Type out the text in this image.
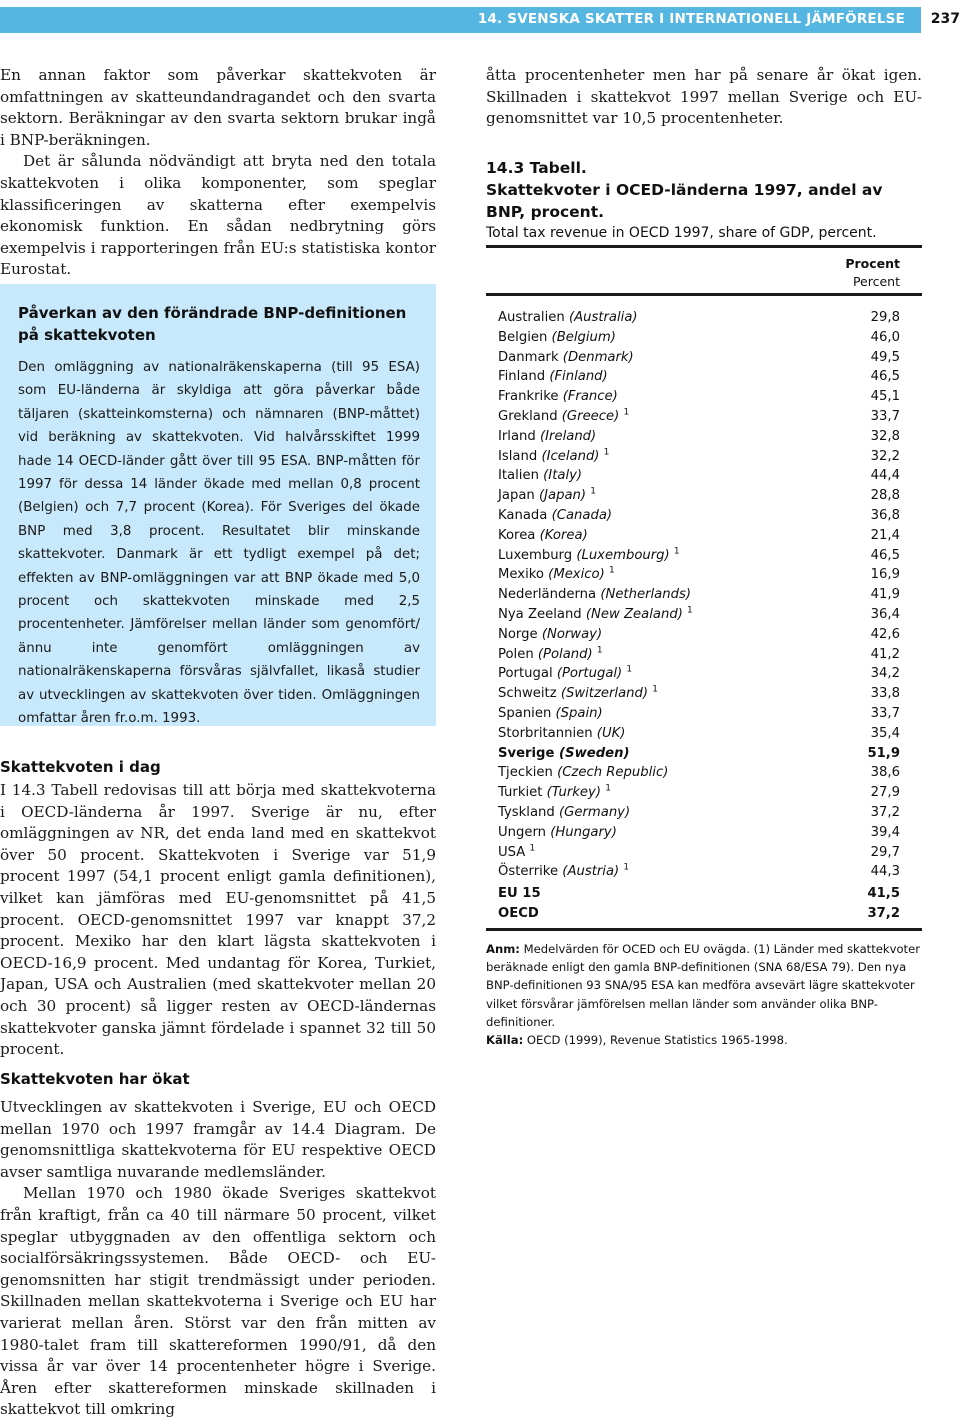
14. SVENSKA SKATTER I INTERNATIONELL JÄMFÖRELSE	237

En annan faktor som påverkar skattekvoten är omfattningen av skatteundandragandet och den svarta sektorn. Beräkningar av den svarta sektorn brukar ingå i BNP-beräkningen.

Det är sålunda nödvändigt att bryta ned den totala skattekvoten i olika komponenter, som speglar klassificeringen av skatterna efter exempelvis ekonomisk funktion. En sådan nedbrytning görs exempelvis i rapporteringen från EU:s statistiska kontor Eurostat.

Påverkan av den förändrade BNP-definitionen på skattekvoten

Den omläggning av nationalräkenskaperna (till 95 ESA) som EU-länderna är skyldiga att göra påverkar både täljaren (skatteinkomsterna) och nämnaren (BNP-måttet) vid beräkning av skattekvoten. Vid halvårsskiftet 1999 hade 14 OECD-länder gått över till 95 ESA. BNP-måtten för 1997 för dessa 14 länder ökade med mellan 0,8 procent (Belgien) och 7,7 procent (Korea). För Sveriges del ökade BNP med 3,8 procent. Resultatet blir minskande skattekvoter. Danmark är ett tydligt exempel på det; effekten av BNP-omläggningen var att BNP ökade med 5,0 procent och skattekvoten minskade med 2,5 procentenheter. Jämförelser mellan länder som genomfört/ännu inte genomfört omläggningen av nationalräkenskaperna försvåras självfallet, likaså studier av utvecklingen av skattekvoten över tiden. Omläggningen omfattar åren fr.o.m. 1993.

Skattekvoten i dag

I 14.3 Tabell redovisas till att börja med skattekvoterna i OECD-länderna år 1997. Sverige är nu, efter omläggningen av NR, det enda land med en skattekvot över 50 procent. Skattekvoten i Sverige var 51,9 procent 1997 (54,1 procent enligt gamla definitionen), vilket kan jämföras med EU-genomsnittet på 41,5 procent. OECD-genomsnittet 1997 var knappt 37,2 procent. Mexiko har den klart lägsta skattekvoten i OECD-16,9 procent. Med undantag för Korea, Turkiet, Japan, USA och Australien (med skattekvoter mellan 20 och 30 procent) så ligger resten av OECD-ländernas skattekvoter ganska jämnt fördelade i spannet 32 till 50 procent.

Skattekvoten har ökat

Utvecklingen av skattekvoten i Sverige, EU och OECD mellan 1970 och 1997 framgår av 14.4 Diagram. De genomsnittliga skattekvoterna för EU respektive OECD avser samtliga nuvarande medlemsländer.

Mellan 1970 och 1980 ökade Sveriges skattekvot från kraftigt, från ca 40 till närmare 50 procent, vilket speglar utbyggnaden av den offentliga sektorn och socialförsäkringssystemen. Både OECD- och EU-genomsnitten har stigit trendmässigt under perioden. Skillnaden mellan skattekvoterna i Sverige och EU har varierat mellan åren. Störst var den från mitten av 1980-talet fram till skattereformen 1990/91, då den vissa år var över 14 procentenheter högre i Sverige. Åren efter skattereformen minskade skillnaden i skattekvot till omkring

åtta procentenheter men har på senare år ökat igen. Skillnaden i skattekvot 1997 mellan Sverige och EU-genomsnittet var 10,5 procentenheter.

14.3 Tabell.
Skattekvoter i OCED-länderna 1997, andel av BNP, procent.
Total tax revenue in OECD 1997, share of GDP, percent.
Procent
Percent
Australien (Australia)	29,8
Belgien (Belgium)	46,0
Danmark (Denmark)	49,5
Finland (Finland)	46,5
Frankrike (France)	45,1
Grekland (Greece) $^1$	33,7
Irland (Ireland)	32,8
Island (Iceland) $^1$	32,2
Italien (Italy)	44,4
Japan (Japan) $^1$	28,8
Kanada (Canada)	36,8
Korea (Korea)	21,4
Luxemburg (Luxembourg) $^1$	46,5
Mexiko (Mexico) $^1$	16,9
Nederländerna (Netherlands)	41,9
Nya Zeeland (New Zealand) $^1$	36,4
Norge (Norway)	42,6
Polen (Poland) $^1$	41,2
Portugal (Portugal) $^1$	34,2
Schweitz (Switzerland) $^1$	33,8
Spanien (Spain)	33,7
Storbritannien (UK)	35,4
Sverige (Sweden)	51,9
Tjeckien (Czech Republic)	38,6
Turkiet (Turkey) $^1$	27,9
Tyskland (Germany)	37,2
Ungern (Hungary)	39,4
USA $^1$	29,7
Österrike (Austria) $^1$	44,3
EU 15	41,5
OECD	37,2
Anm: Medelvärden för OCED och EU ovägda. (1) Länder med skattekvoter beräknade enligt den gamla BNP-definitionen (SNA 68/ESA 79). Den nya BNP-definitionen 93 SNA/95 ESA kan medföra avsevärt lägre skattekvoter vilket försvårar jämförelsen mellan länder som använder olika BNP-definitioner.
Källa: OECD (1999), Revenue Statistics 1965-1998.
